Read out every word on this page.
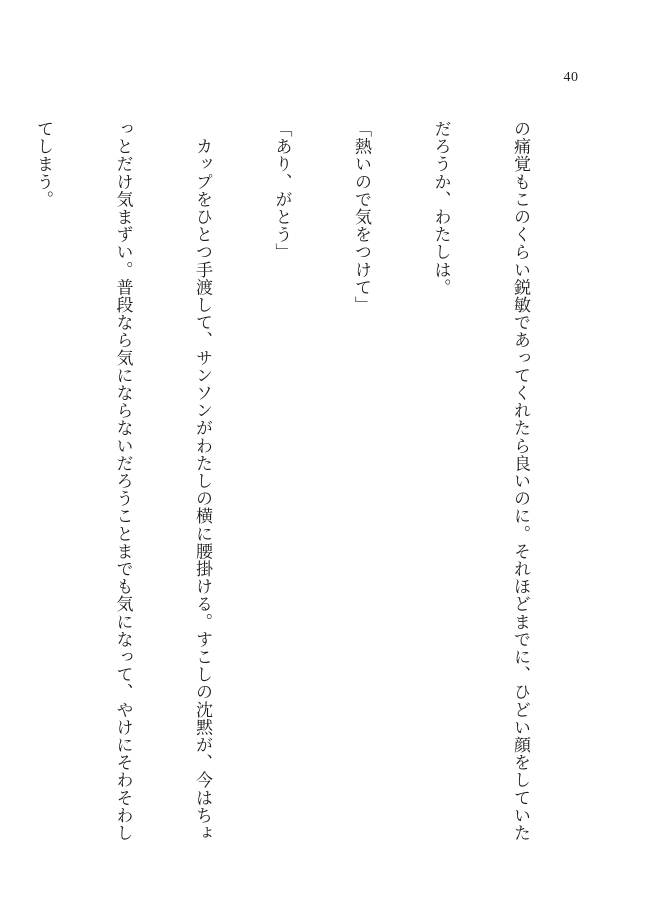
40

の痛覚もこのくらい鋭敏であってくれたら良いのに。それほどまでに、ひどい顔をしていた

だろうか、わたしは。

「熱いので気をつけて」

「あり、がとう」

　カップをひとつ手渡して、サンソンがわたしの横に腰掛ける。すこしの沈黙が、今はちょ

っとだけ気まずい。普段なら気にならないだろうことまでも気になって、やけにそわそわし

てしまう。
